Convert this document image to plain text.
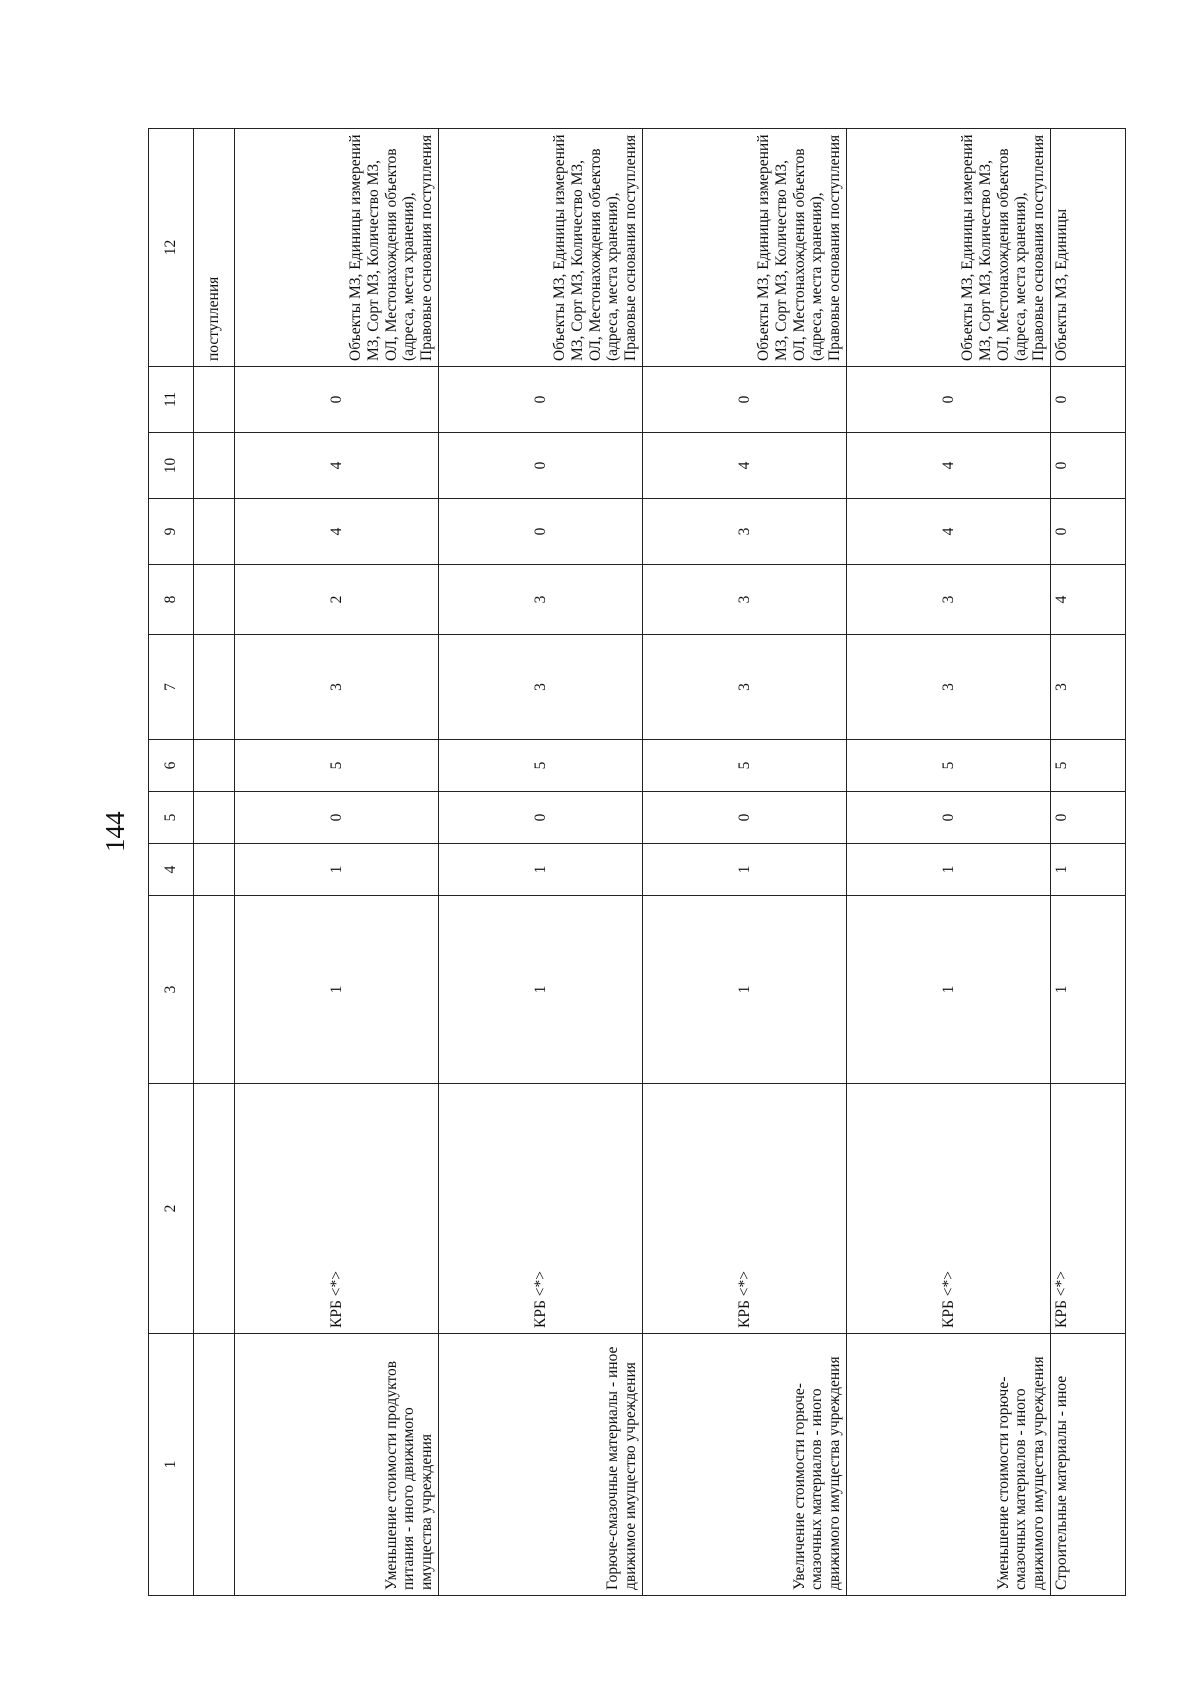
144
1	2	3	4	5	6	7	8	9	10	11	12
											поступления
Уменьшение стоимости продуктов питания - иного движимого имущества учреждения	КРБ <*>	1	1	0	5	3	2	4	4	0	Объекты МЗ, Единицы измерений МЗ, Сорт МЗ, Количество МЗ, ОЛ, Местонахождения объектов (адреса, места хранения), Правовые основания поступления
Горюче-смазочные материалы - иное движимое имущество учреждения	КРБ <*>	1	1	0	5	3	3	0	0	0	Объекты МЗ, Единицы измерений МЗ, Сорт МЗ, Количество МЗ, ОЛ, Местонахождения объектов (адреса, места хранения), Правовые основания поступления
Увеличение стоимости горюче-смазочных материалов - иного движимого имущества учреждения	КРБ <*>	1	1	0	5	3	3	3	4	0	Объекты МЗ, Единицы измерений МЗ, Сорт МЗ, Количество МЗ, ОЛ, Местонахождения объектов (адреса, места хранения), Правовые основания поступления
Уменьшение стоимости горюче-смазочных материалов - иного движимого имущества учреждения	КРБ <*>	1	1	0	5	3	3	4	4	0	Объекты МЗ, Единицы измерений МЗ, Сорт МЗ, Количество МЗ, ОЛ, Местонахождения объектов (адреса, места хранения), Правовые основания поступления
Строительные материалы - иное	КРБ <*>	1	1	0	5	3	4	0	0	0	Объекты МЗ, Единицы
